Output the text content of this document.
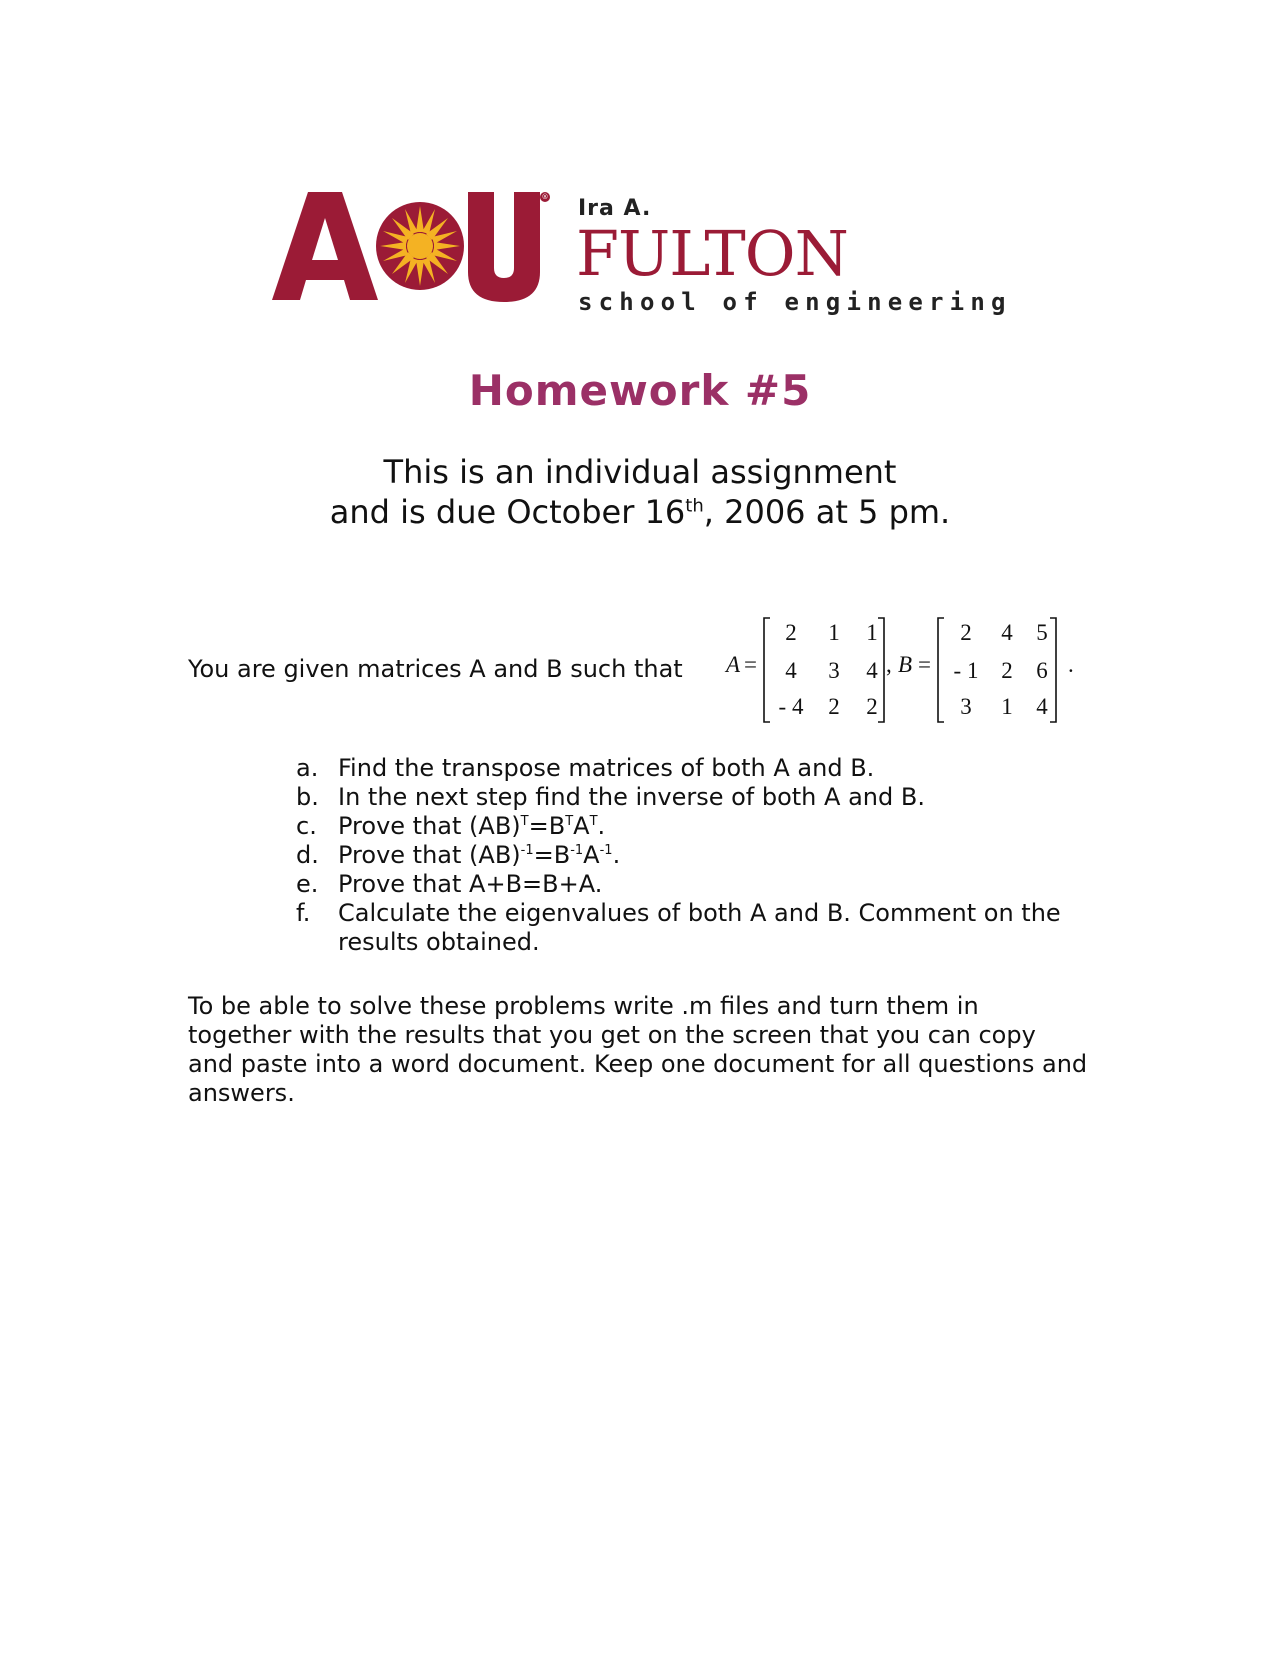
® Ira A.
FULTON
school of engineering
Homework #5
This is an individual assignment
and is due October 16th, 2006 at 5 pm.
You are given matrices A and B such that A =
2 1 1
4 3 4
- 4 2 2
, B =
2 4 5
- 1 2 6
3 1 4
.
a. Find the transpose matrices of both A and B.
b. In the next step find the inverse of both A and B.
c. Prove that $(AB)^T=B^TA^T$.
d. Prove that $(AB)^{-1}=B^{-1}A^{-1}$.
e. Prove that A+B=B+A.
f. Calculate the eigenvalues of both A and B. Comment on the results obtained.

To be able to solve these problems write .m files and turn them in together with the results that you get on the screen that you can copy and paste into a word document. Keep one document for all questions and answers.
